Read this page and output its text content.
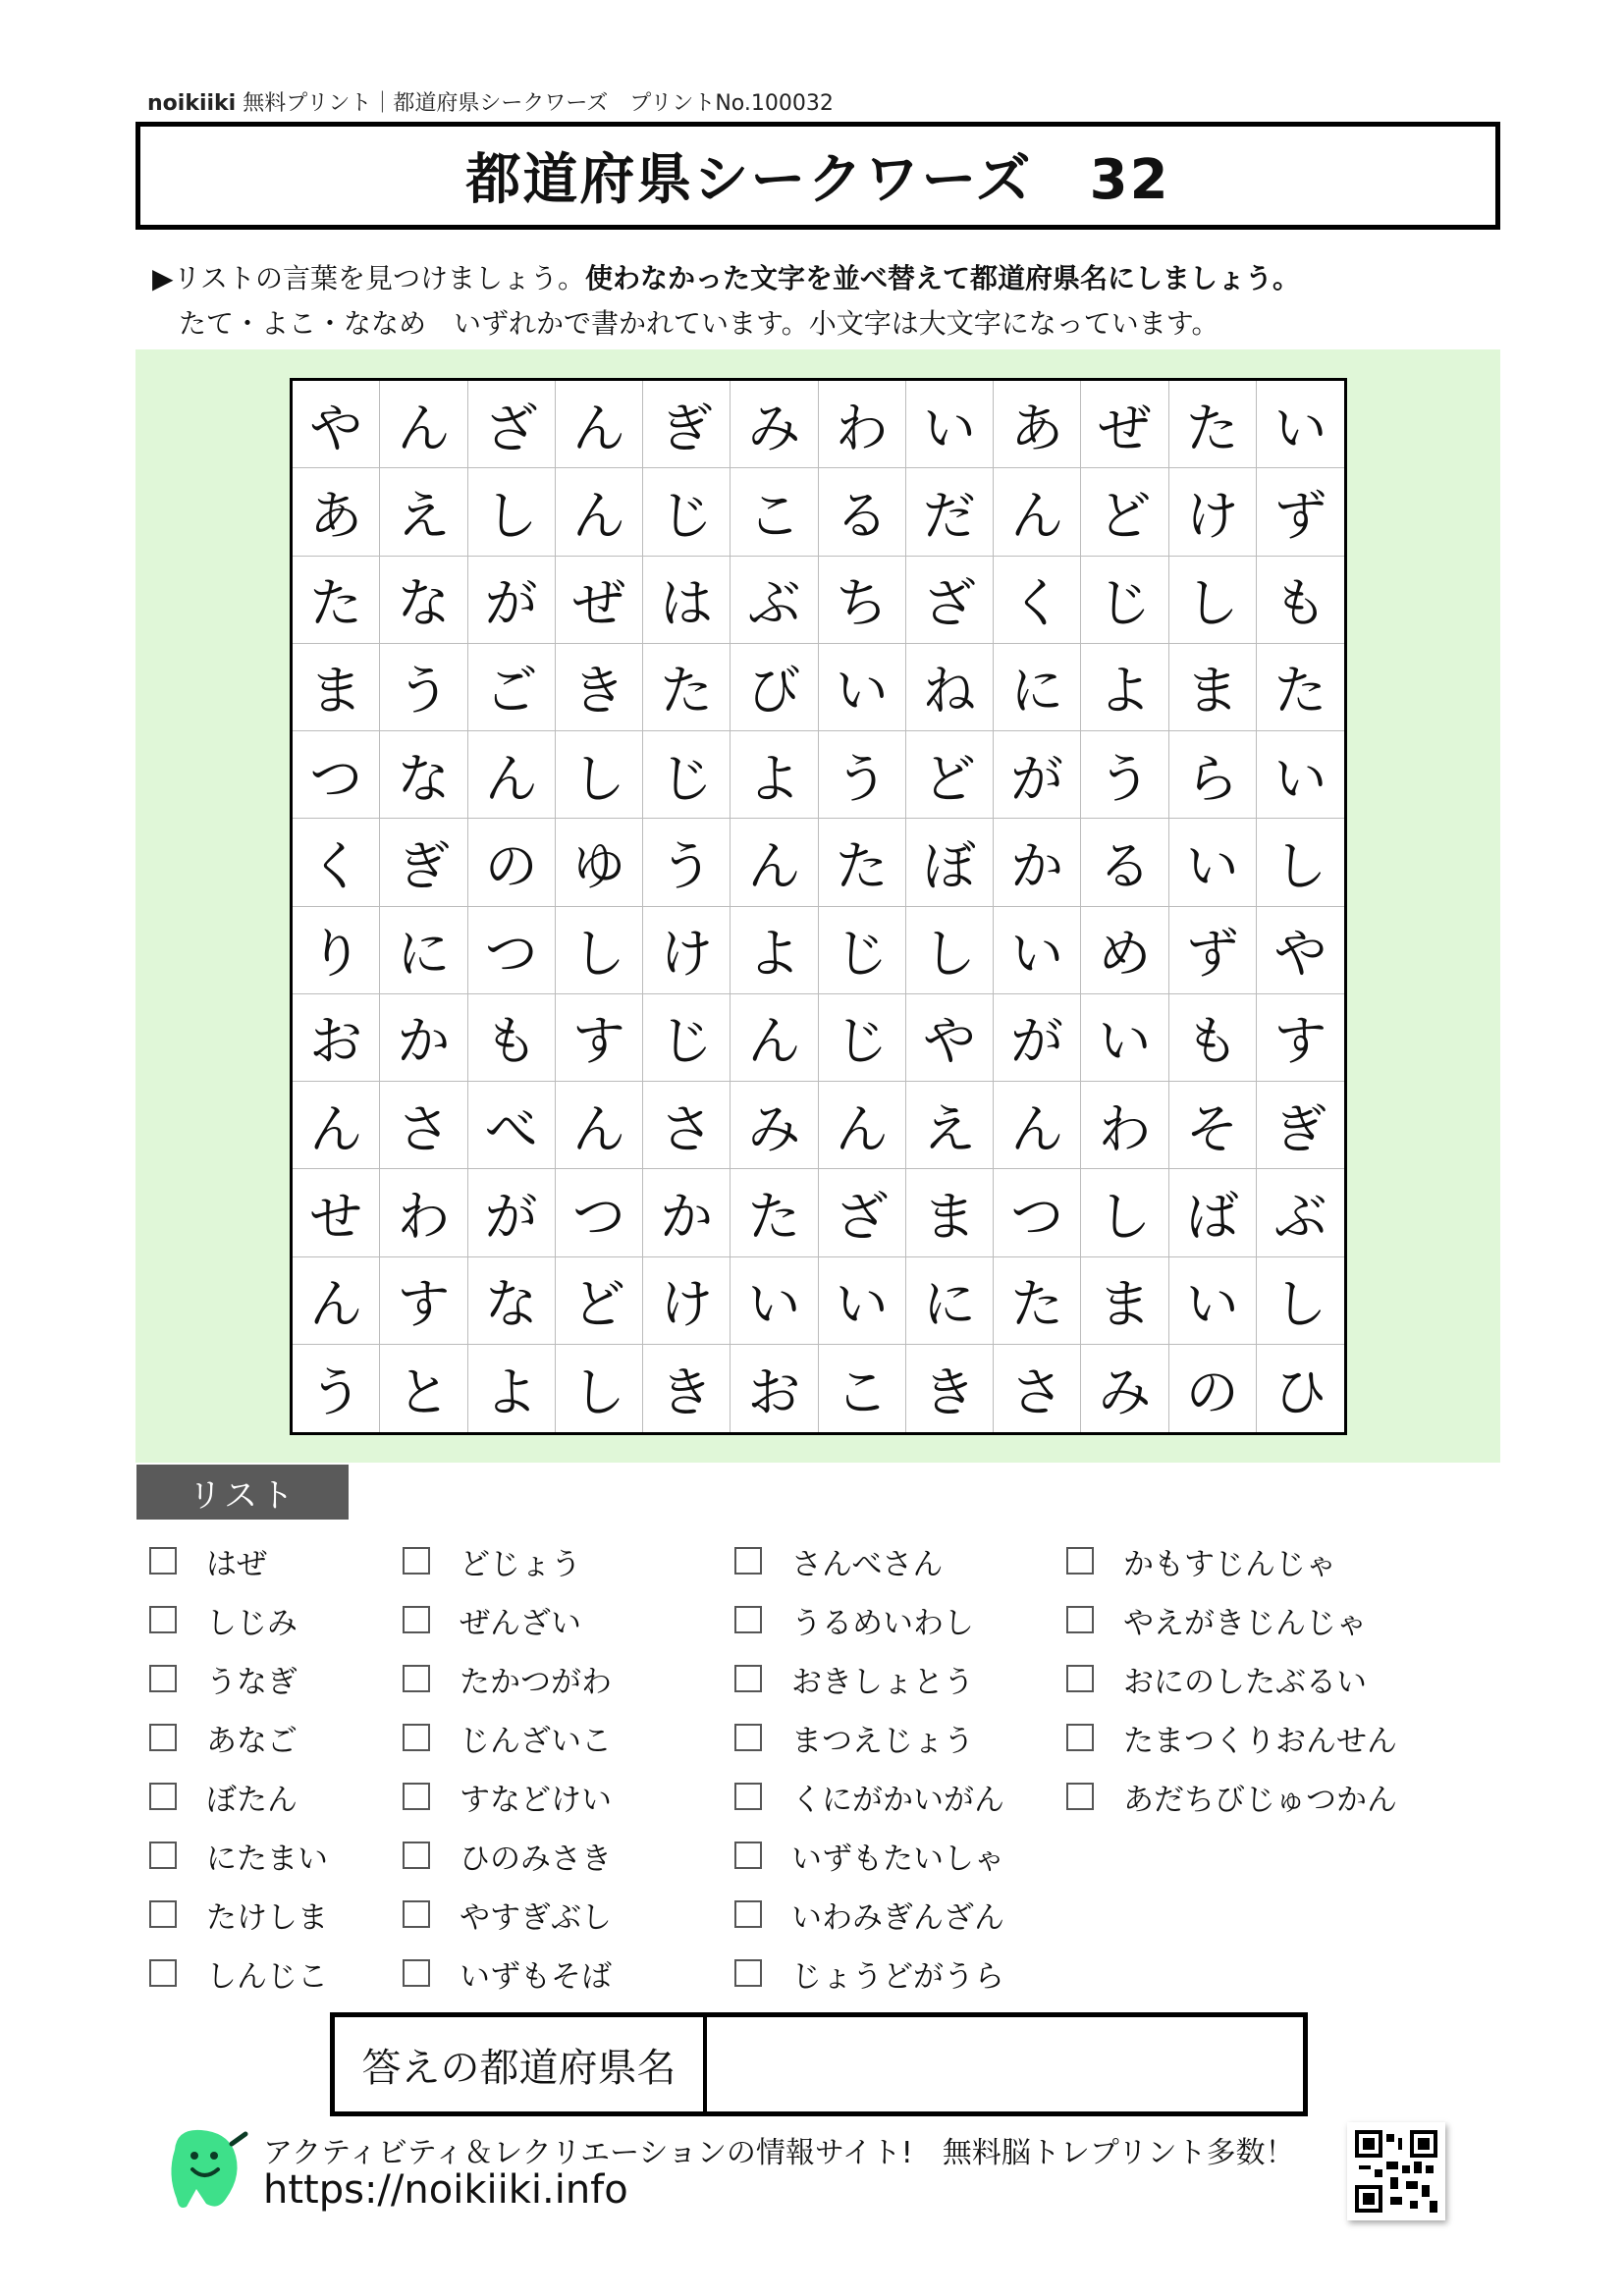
noikiiki 無料プリント｜都道府県シークワーズ　プリントNo.100032
都道府県シークワーズ　32
▶リストの言葉を見つけましょう。使わなかった文字を並べ替えて都道府県名にしましょう。
たて・よこ・ななめ　いずれかで書かれています。小文字は大文字になっています。
や ん ざ ん ぎ み わ い あ ぜ た い
あ え し ん じ こ る だ ん ど け ず
た な が ぜ は ぶ ち ざ く じ し も
ま う ご き た び い ね に よ ま た
つ な ん し じ よ う ど が う ら い
く ぎ の ゆ う ん た ぼ か る い し
り に つ し け よ じ し い め ず や
お か も す じ ん じ や が い も す
ん さ べ ん さ み ん え ん わ そ ぎ
せ わ が つ か た ざ ま つ し ば ぶ
ん す な ど け い い に た ま い し
う と よ し き お こ き さ み の ひ
リスト
はぜ
しじみ
うなぎ
あなご
ぼたん
にたまい
たけしま
しんじこ
どじょう
ぜんざい
たかつがわ
じんざいこ
すなどけい
ひのみさき
やすぎぶし
いずもそば
さんべさん
うるめいわし
おきしょとう
まつえじょう
くにがかいがん
いずもたいしゃ
いわみぎんざん
じょうどがうら
かもすじんじゃ
やえがきじんじゃ
おにのしたぶるい
たまつくりおんせん
あだちびじゅつかん
答えの都道府県名
アクティビティ＆レクリエーションの情報サイト!　無料脳トレプリント多数！
https://noikiiki.info
